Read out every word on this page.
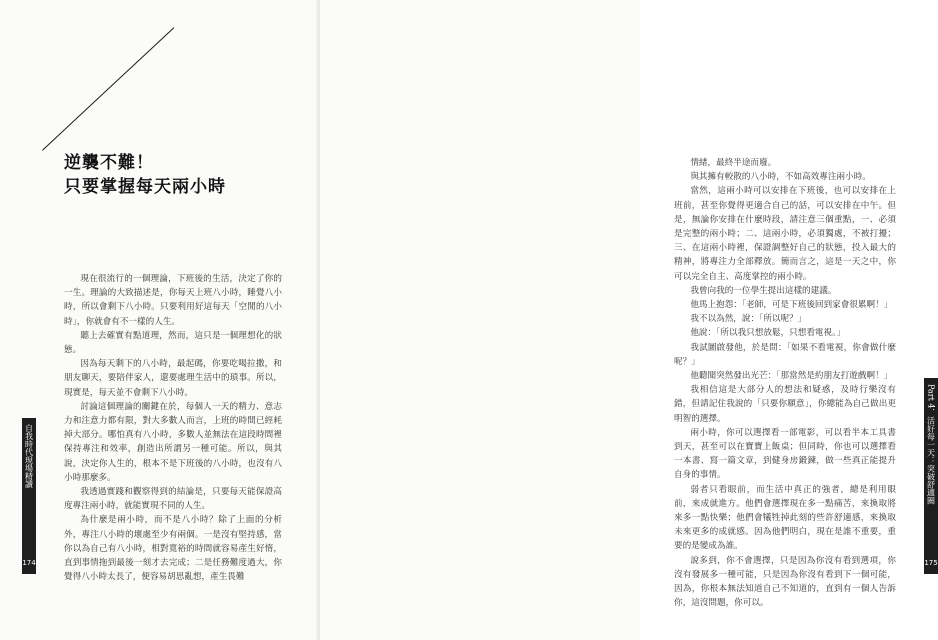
逆襲不難！
只要掌握每天兩小時

現在很流行的一個理論，下班後的生活，決定了你的一生。理論的大致描述是，你每天上班八小時，睡覺八小時，所以會剩下八小時。只要利用好這每天「空閒的八小時」，你就會有不一樣的人生。

聽上去確實有點道理，然而，這只是一個理想化的狀態。

因為每天剩下的八小時，最起碼，你要吃喝拉撒，和朋友聊天，要陪伴家人，還要處理生活中的瑣事。所以，現實是，每天並不會剩下八小時。

討論這個理論的關鍵在於，每個人一天的精力、意志力和注意力都有限，對大多數人而言，上班的時間已經耗掉大部分。哪怕真有八小時，多數人並無法在這段時間裡保持專注和效率，創造出所謂另一種可能。所以，與其說，決定你人生的，根本不是下班後的八小時，也沒有八小時那麼多。

我透過實踐和觀察得到的結論是，只要每天能保證高度專注兩小時，就能實現不同的人生。

為什麼是兩小時，而不是八小時？除了上面的分析外，專注八小時的壞處至少有兩個。一是沒有堅持感，當你以為自己有八小時，相對寬裕的時間就容易產生好惰，直到事情拖到最後一刻才去完成；二是任務難度過大，你覺得八小時太長了，便容易胡思亂想，產生畏難

自我時代現場精讀
174

情緒，最終半途而廢。

與其擁有較散的八小時，不如高效專注兩小時。

當然，這兩小時可以安排在下班後，也可以安排在上班前，甚至你覺得更適合自己的話，可以安排在中午。但是，無論你安排在什麼時段，請注意三個重點，一、必須是完整的兩小時；二、這兩小時，必須獨處，不被打擾；三、在這兩小時裡，保證調整好自己的狀態，投入最大的精神，將專注力全部釋放。簡而言之，這是一天之中，你可以完全自主、高度掌控的兩小時。

我曾向我的一位學生提出這樣的建議。

他馬上抱怨：「老師，可是下班後回到家會很累啊！」

我不以為然，說：「所以呢？」

他說：「所以我只想放鬆，只想看電視。」

我試圖啟發他，於是問：「如果不看電視，你會做什麼呢？」

他聽聞突然發出光芒：「那當然是約朋友打遊戲啊！」

我相信這是大部分人的想法和疑惑，及時行樂沒有錯，但請記住我說的「只要你願意」，你總能為自己做出更明智的選擇。

兩小時，你可以選擇看一部電影，可以看半本工具書到天，甚至可以在寶寶上飯桌；但同時，你也可以選擇看一本書、寫一篇文章，到健身房鍛鍊，做一些真正能提升自身的事情。

弱者只看眼前，而生活中真正的強者，總是利用眼前，來成就進方。他們會選擇現在多一點痛苦，來換取將來多一點快樂；他們會犧牲掉此刻的些許舒適感，來換取未來更多的成就感。因為他們明白，現在是誰不重要，重要的是變成為誰。

說多到，你不會選擇，只是因為你沒有看到選項，你沒有發展多一種可能，只是因為你沒有看到下一個可能，因為，你根本無法知道自己不知道的，直到有一個人告訴你，這沒問題，你可以。

Part 4．活好每一天：突破舒適圈
175
